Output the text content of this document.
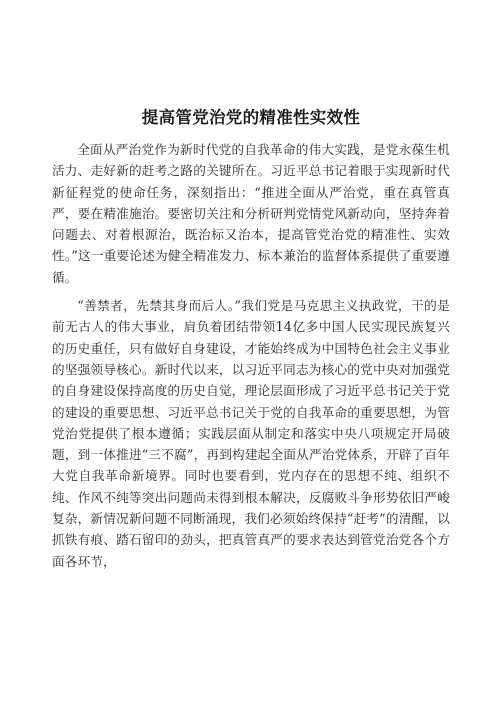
提高管党治党的精准性实效性

全面从严治党作为新时代党的自我革命的伟大实践，是党永葆生机活力、走好新的赶考之路的关键所在。习近平总书记着眼于实现新时代新征程党的使命任务，深刻指出：“推进全面从严治党，重在真管真严，要在精准施治。要密切关注和分析研判党情党风新动向，坚持奔着问题去、对着根源治，既治标又治本，提高管党治党的精准性、实效性。”这一重要论述为健全精准发力、标本兼治的监督体系提供了重要遵循。

“善禁者，先禁其身而后人。”我们党是马克思主义执政党，干的是前无古人的伟大事业，肩负着团结带领14亿多中国人民实现民族复兴的历史重任，只有做好自身建设，才能始终成为中国特色社会主义事业的坚强领导核心。新时代以来，以习近平同志为核心的党中央对加强党的自身建设保持高度的历史自觉，理论层面形成了习近平总书记关于党的建设的重要思想、习近平总书记关于党的自我革命的重要思想，为管党治党提供了根本遵循；实践层面从制定和落实中央八项规定开局破题，到一体推进“三不腐”，再到构建起全面从严治党体系，开辟了百年大党自我革命新境界。同时也要看到，党内存在的思想不纯、组织不纯、作风不纯等突出问题尚未得到根本解决，反腐败斗争形势依旧严峻复杂，新情况新问题不同断涌现，我们必须始终保持“赶考”的清醒，以抓铁有痕、踏石留印的劲头，把真管真严的要求表达到管党治党各个方面各环节，
